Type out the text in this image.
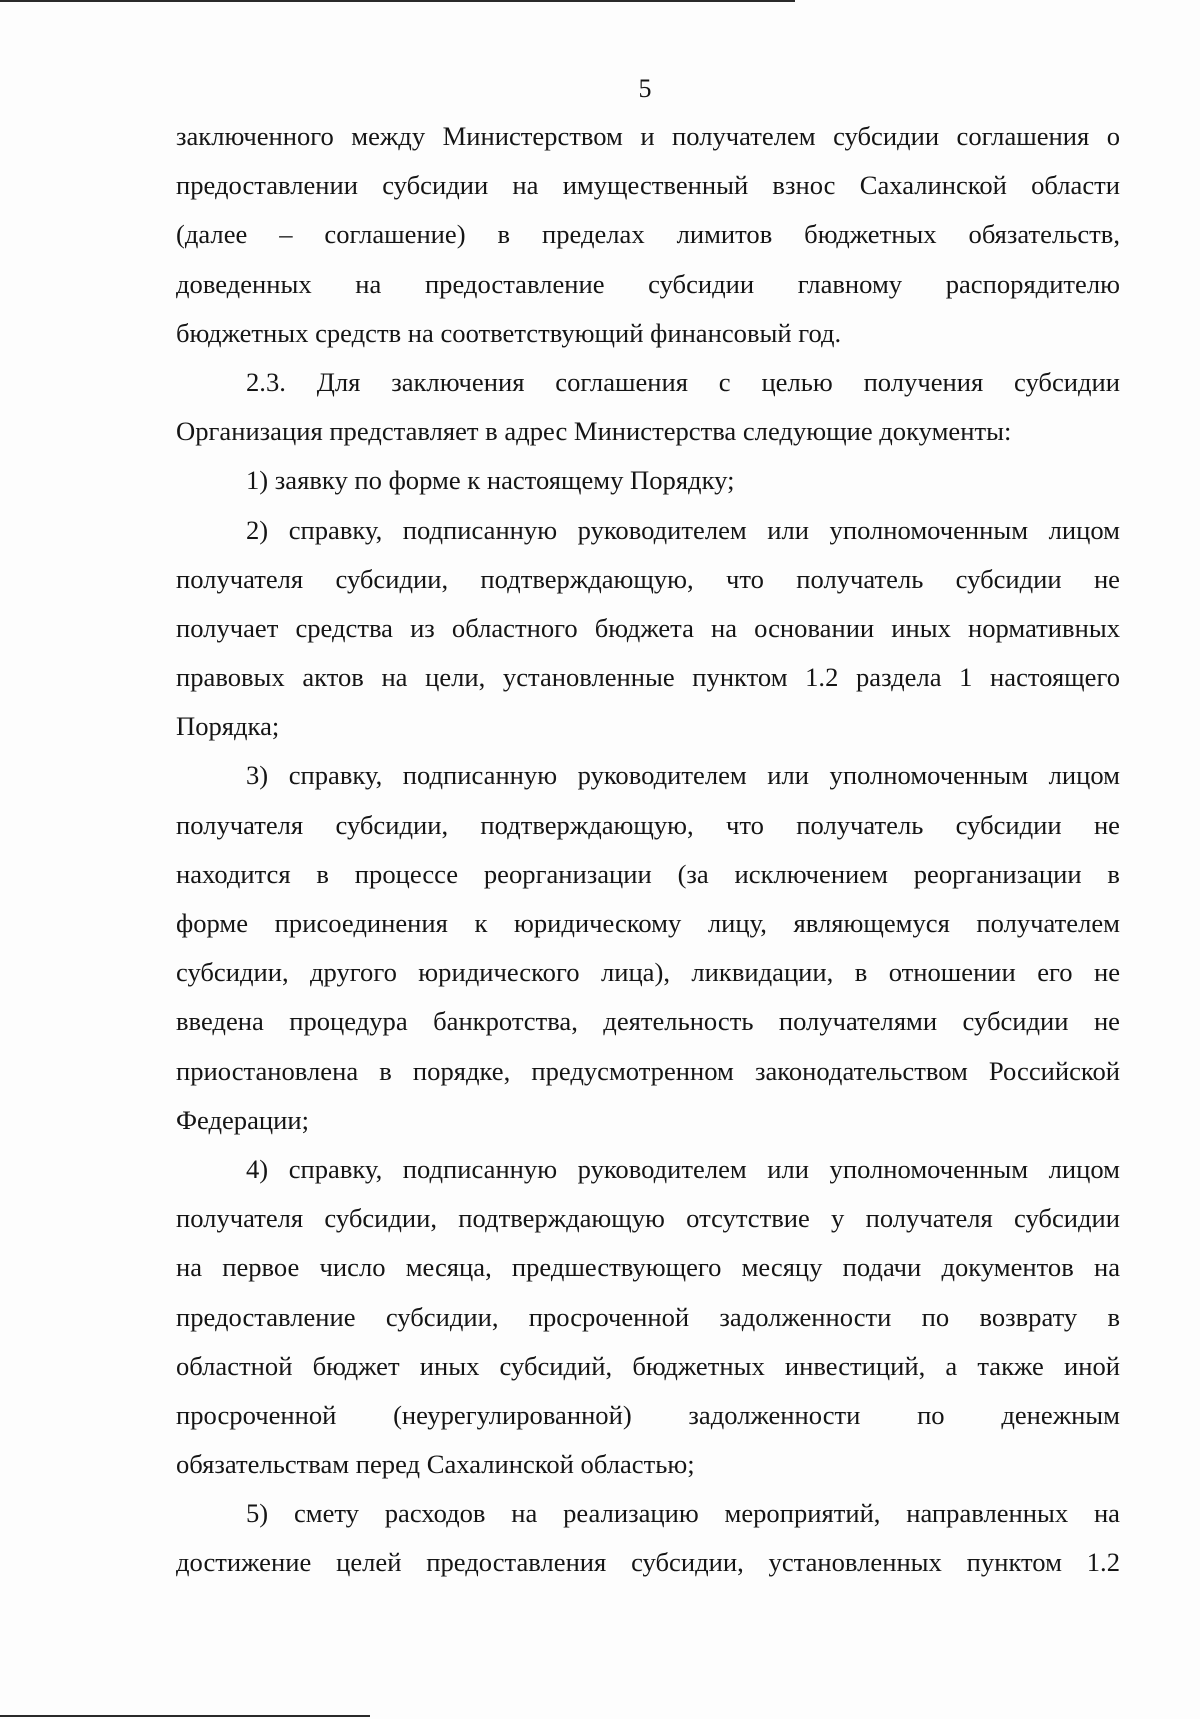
5
заключенного между Министерством и получателем субсидии соглашения о
предоставлении субсидии на имущественный взнос Сахалинской области
(далее – соглашение) в пределах лимитов бюджетных обязательств,
доведенных на предоставление субсидии главному распорядителю
бюджетных средств на соответствующий финансовый год.
2.3. Для заключения соглашения с целью получения субсидии
Организация представляет в адрес Министерства следующие документы:
1) заявку по форме к настоящему Порядку;
2) справку, подписанную руководителем или уполномоченным лицом
получателя субсидии, подтверждающую, что получатель субсидии не
получает средства из областного бюджета на основании иных нормативных
правовых актов на цели, установленные пунктом 1.2 раздела 1 настоящего
Порядка;
3) справку, подписанную руководителем или уполномоченным лицом
получателя субсидии, подтверждающую, что получатель субсидии не
находится в процессе реорганизации (за исключением реорганизации в
форме присоединения к юридическому лицу, являющемуся получателем
субсидии, другого юридического лица), ликвидации, в отношении его не
введена процедура банкротства, деятельность получателями субсидии не
приостановлена в порядке, предусмотренном законодательством Российской
Федерации;
4) справку, подписанную руководителем или уполномоченным лицом
получателя субсидии, подтверждающую отсутствие у получателя субсидии
на первое число месяца, предшествующего месяцу подачи документов на
предоставление субсидии, просроченной задолженности по возврату в
областной бюджет иных субсидий, бюджетных инвестиций, а также иной
просроченной (неурегулированной) задолженности по денежным
обязательствам перед Сахалинской областью;
5) смету расходов на реализацию мероприятий, направленных на
достижение целей предоставления субсидии, установленных пунктом 1.2
